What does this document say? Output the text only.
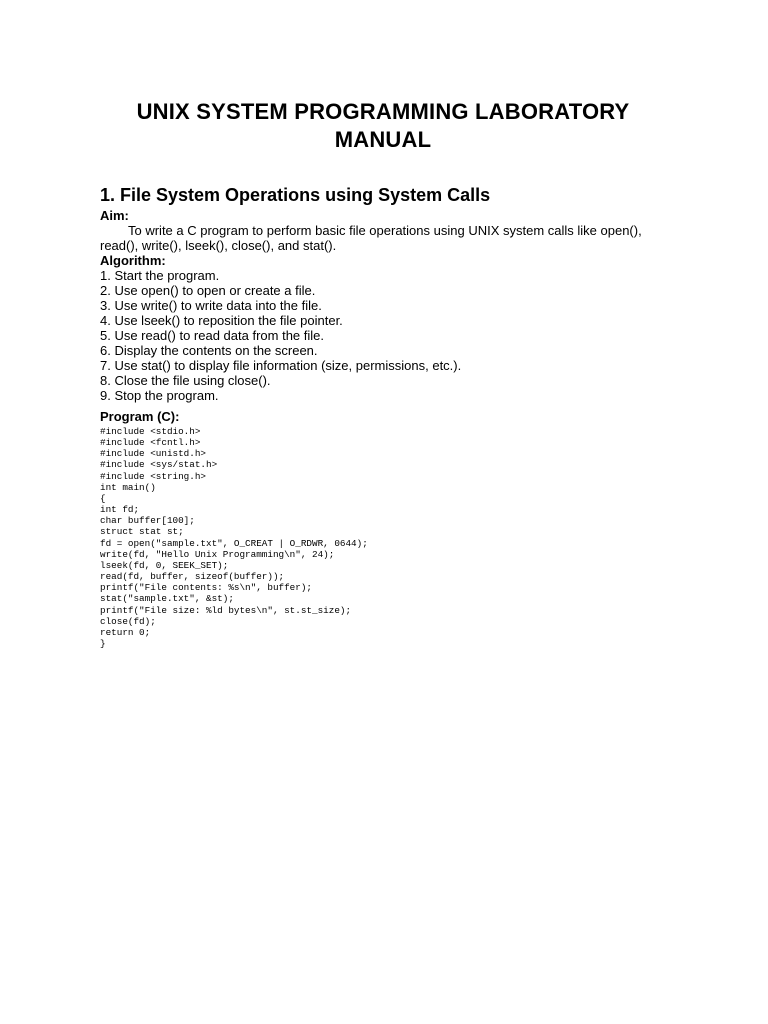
UNIX SYSTEM PROGRAMMING LABORATORY
MANUAL
1. File System Operations using System Calls
Aim:

To write a C program to perform basic file operations using UNIX system calls like open(), read(), write(), lseek(), close(), and stat().

Algorithm:
1. Start the program.
2. Use open() to open or create a file.
3. Use write() to write data into the file.
4. Use lseek() to reposition the file pointer.
5. Use read() to read data from the file.
6. Display the contents on the screen.
7. Use stat() to display file information (size, permissions, etc.).
8. Close the file using close().
9. Stop the program.
Program (C):
#include <stdio.h>
#include <fcntl.h>
#include <unistd.h>
#include <sys/stat.h>
#include <string.h>
int main()
{
int fd;
char buffer[100];
struct stat st;
fd = open("sample.txt", O_CREAT | O_RDWR, 0644);
write(fd, "Hello Unix Programming\n", 24);
lseek(fd, 0, SEEK_SET);
read(fd, buffer, sizeof(buffer));
printf("File contents: %s\n", buffer);
stat("sample.txt", &st);
printf("File size: %ld bytes\n", st.st_size);
close(fd);
return 0;
}
